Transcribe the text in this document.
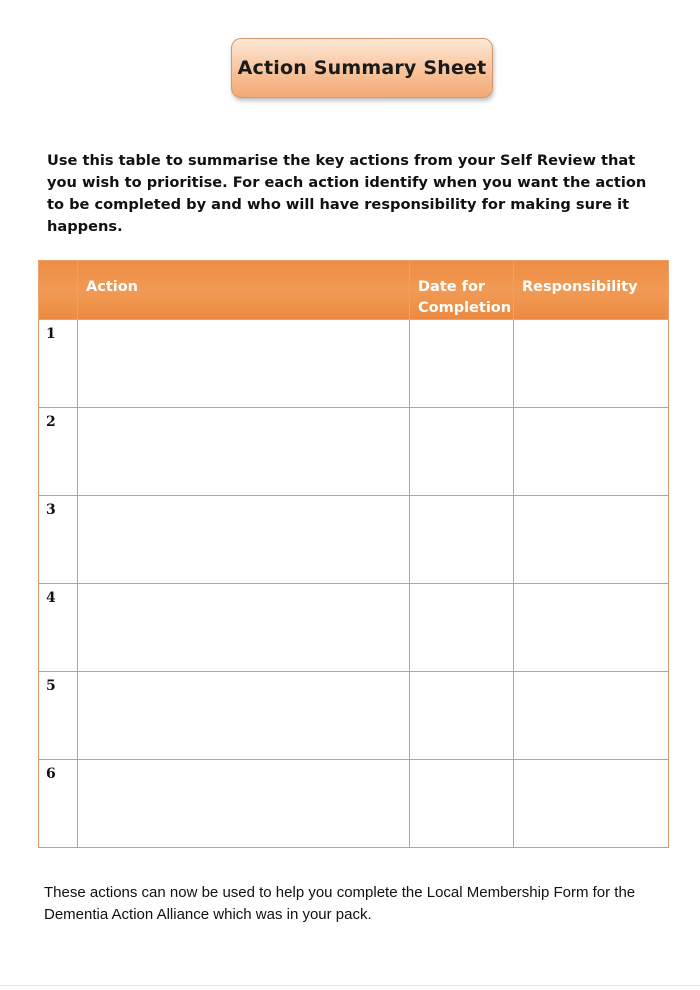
Action Summary Sheet
Use this table to summarise the key actions from your Self Review that you wish to prioritise. For each action identify when you want the action to be completed by and who will have responsibility for making sure it happens.
	Action	Date for Completion	Responsibility
1			
2			
3			
4			
5			
6			
These actions can now be used to help you complete the Local Membership Form for the Dementia Action Alliance which was in your pack.
